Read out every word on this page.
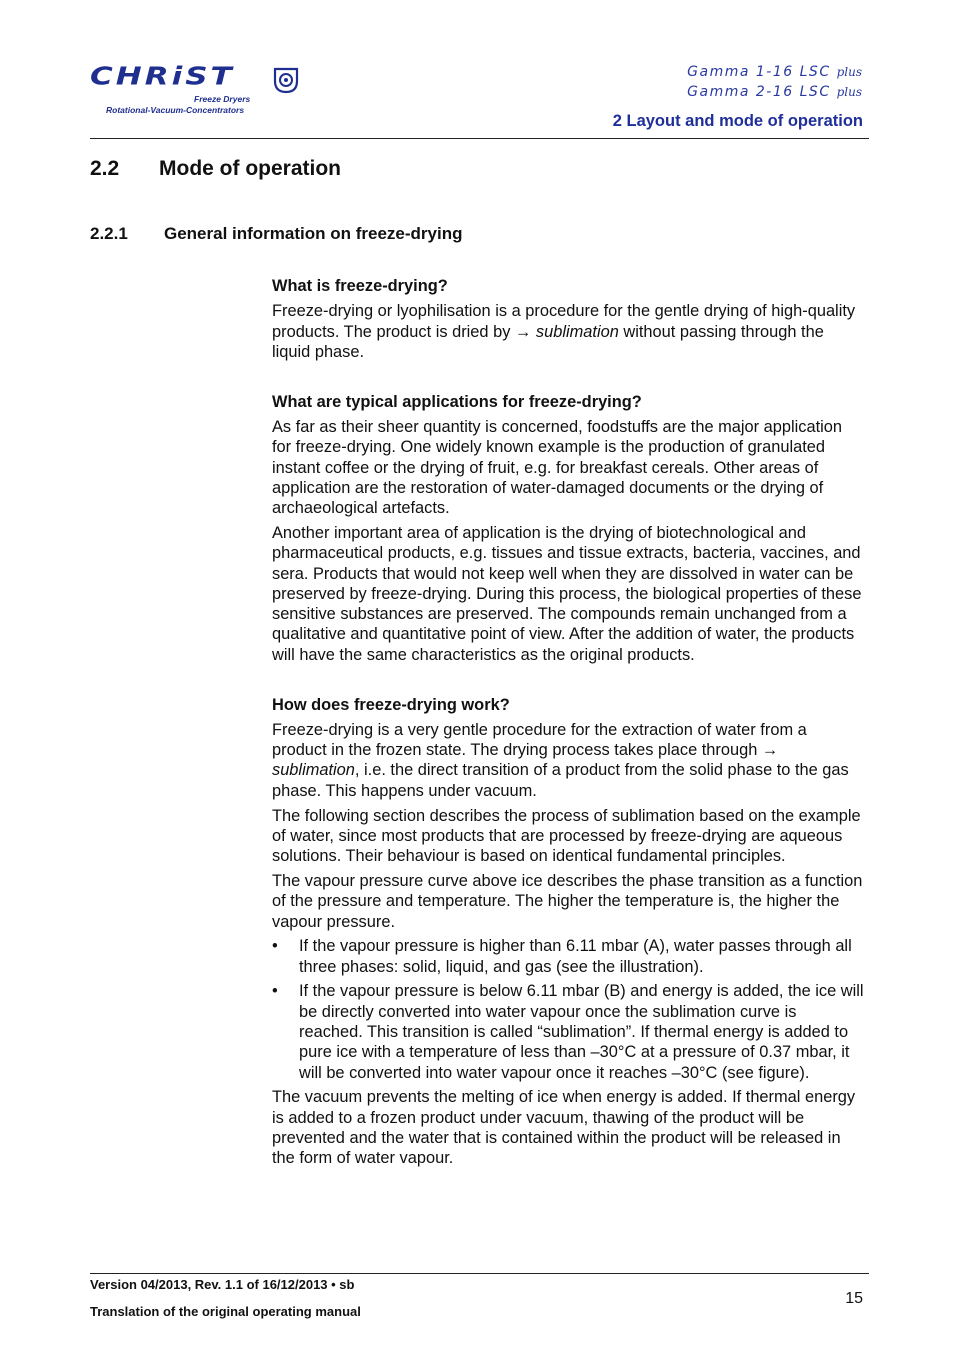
CHRiST
Freeze Dryers
Rotational-Vacuum-Concentrators
Gamma 1-16 LSC plus
Gamma 2-16 LSC plus
2 Layout and mode of operation
2.2 Mode of operation
2.2.1 General information on freeze-drying
What is freeze-drying?

Freeze-drying or lyophilisation is a procedure for the gentle drying of high-quality products. The product is dried by → sublimation without passing through the liquid phase.

What are typical applications for freeze-drying?

As far as their sheer quantity is concerned, foodstuffs are the major application for freeze-drying. One widely known example is the production of granulated instant coffee or the drying of fruit, e.g. for breakfast cereals. Other areas of application are the restoration of water-damaged documents or the drying of archaeological artefacts.

Another important area of application is the drying of biotechnological and pharmaceutical products, e.g. tissues and tissue extracts, bacteria, vaccines, and sera. Products that would not keep well when they are dissolved in water can be preserved by freeze-drying. During this process, the biological properties of these sensitive substances are preserved. The compounds remain unchanged from a qualitative and quantitative point of view. After the addition of water, the products will have the same characteristics as the original products.

How does freeze-drying work?

Freeze-drying is a very gentle procedure for the extraction of water from a product in the frozen state. The drying process takes place through → sublimation, i.e. the direct transition of a product from the solid phase to the gas phase. This happens under vacuum.

The following section describes the process of sublimation based on the example of water, since most products that are processed by freeze-drying are aqueous solutions. Their behaviour is based on identical fundamental principles.

The vapour pressure curve above ice describes the phase transition as a function of the pressure and temperature. The higher the temperature is, the higher the vapour pressure.

• If the vapour pressure is higher than 6.11 mbar (A), water passes through all three phases: solid, liquid, and gas (see the illustration).
• If the vapour pressure is below 6.11 mbar (B) and energy is added, the ice will be directly converted into water vapour once the sublimation curve is reached. This transition is called “sublimation”. If thermal energy is added to pure ice with a temperature of less than –30°C at a pressure of 0.37 mbar, it will be converted into water vapour once it reaches –30°C (see figure).

The vacuum prevents the melting of ice when energy is added. If thermal energy is added to a frozen product under vacuum, thawing of the product will be prevented and the water that is contained within the product will be released in the form of water vapour.

Version 04/2013, Rev. 1.1 of 16/12/2013 • sb
Translation of the original operating manual
15
